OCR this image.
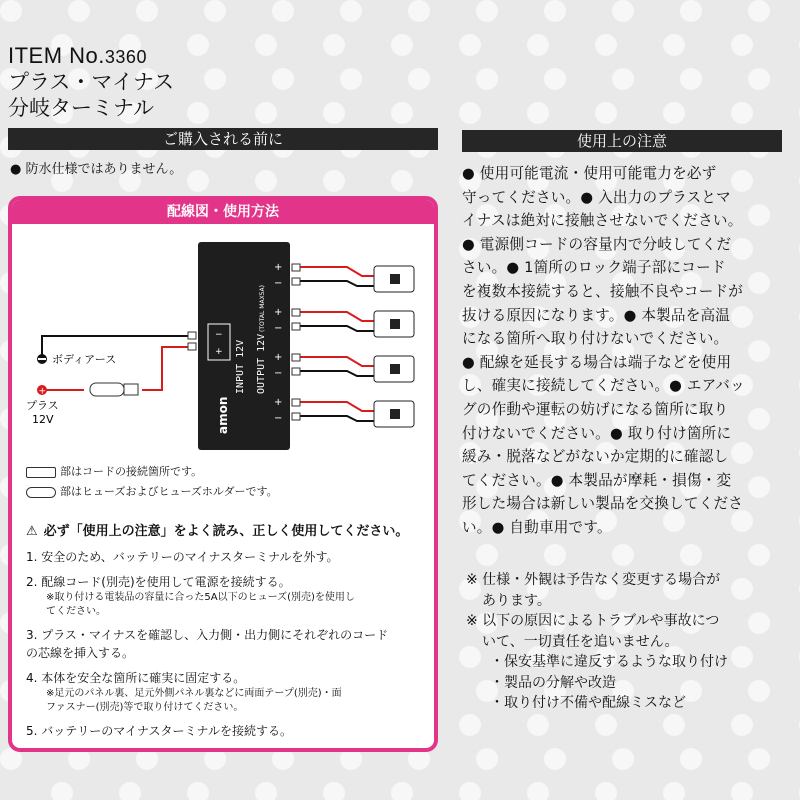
ITEM No.3360
プラス・マイナス
分岐ターミナル
ご購入される前に	使用上の注意
● 防水仕様ではありません。
配線図・使用方法
ボディアース
+
プラス
12V
−
+ INPUT 12V OUTPUT 12V
(TOTAL MAX5A)
amon
+
−
+
−
+
−
+
−
部はコードの接続箇所です。
部はヒューズおよびヒューズホルダーです。
⚠ 必ず「使用上の注意」をよく読み、正しく使用してください。
1. 安全のため、バッテリーのマイナスターミナルを外す。
2. 配線コード(別売)を使用して電源を接続する。
※取り付ける電装品の容量に合った5A以下のヒューズ(別売)を使用し
てください。
3. プラス・マイナスを確認し、入力側・出力側にそれぞれのコード
の芯線を挿入する。
4. 本体を安全な箇所に確実に固定する。
※足元のパネル裏、足元外側パネル裏などに両面テープ(別売)・面
ファスナー(別売)等で取り付けてください。
5. バッテリーのマイナスターミナルを接続する。
● 使用可能電流・使用可能電力を必ず
守ってください。● 入出力のプラスとマ
イナスは絶対に接触させないでください。
● 電源側コードの容量内で分岐してくだ
さい。● 1箇所のロック端子部にコード
を複数本接続すると、接触不良やコードが
抜ける原因になります。● 本製品を高温
になる箇所へ取り付けないでください。
● 配線を延長する場合は端子などを使用
し、確実に接続してください。● エアバッ
グの作動や運転の妨げになる箇所に取り
付けないでください。● 取り付け箇所に
緩み・脱落などがないか定期的に確認し
てください。● 本製品が摩耗・損傷・変
形した場合は新しい製品を交換してくださ
い。● 自動車用です。
※ 仕様・外観は予告なく変更する場合が
あります。
※ 以下の原因によるトラブルや事故につ
いて、一切責任を追いません。
・保安基準に違反するような取り付け
・製品の分解や改造
・取り付け不備や配線ミスなど
